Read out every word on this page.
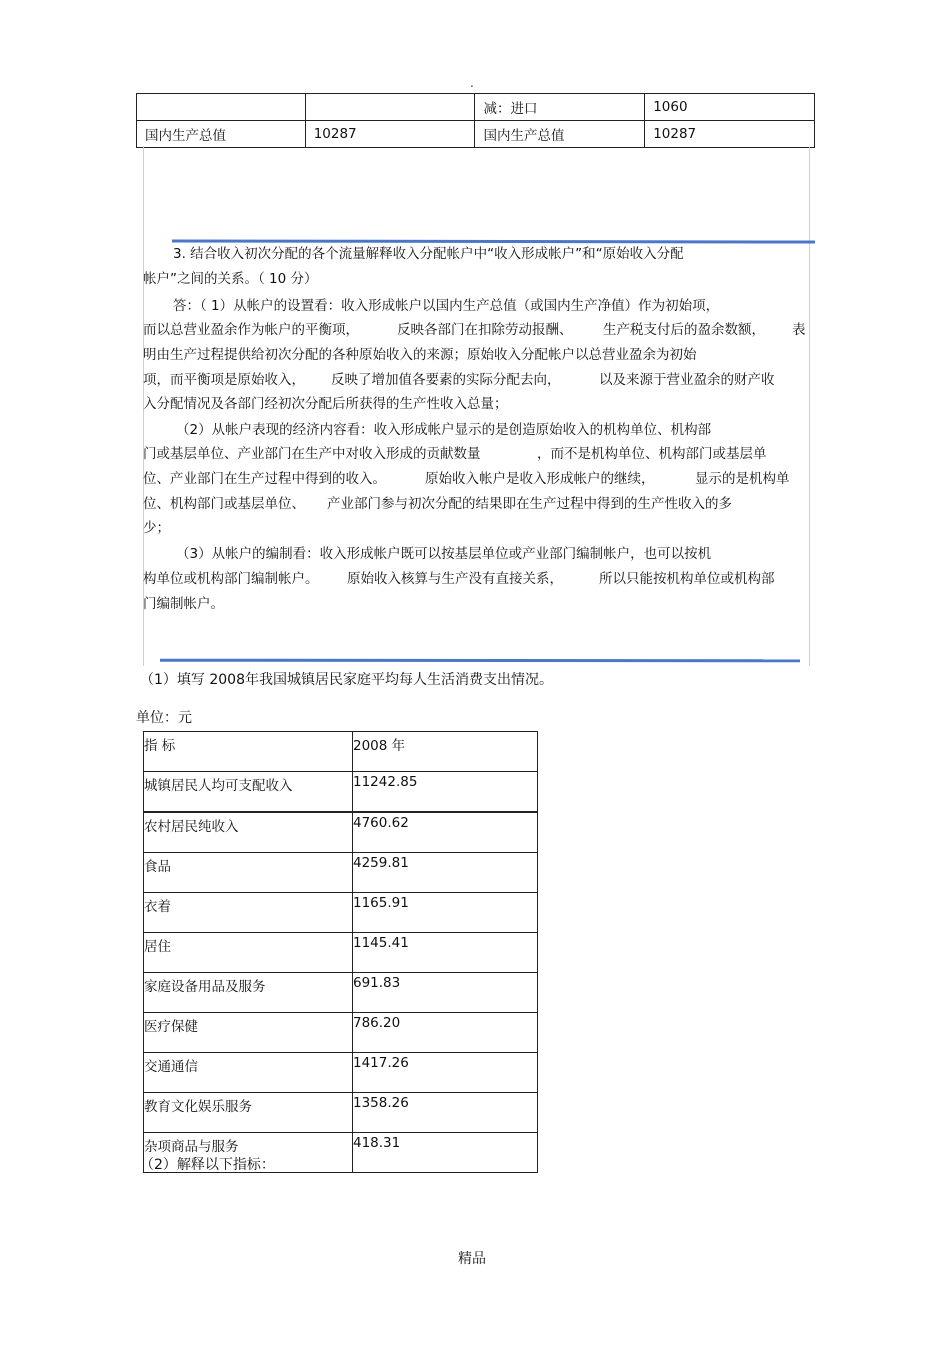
.
		减：进口	1060
国内生产总值	10287	国内生产总值	10287
3. 结合收入初次分配的各个流量解释收入分配帐户中“收入形成帐户”和“原始收入分配
帐户”之间的关系。（ 10 分）
答：（ 1）从帐户的设置看：收入形成帐户以国内生产总值（或国内生产净值）作为初始项，
而以总营业盈余作为帐户的平衡项，	反映各部门在扣除劳动报酬、 生产税支付后的盈余数额， 表
明由生产过程提供给初次分配的各种原始收入的来源；原始收入分配帐户以总营业盈余为初始
项，而平衡项是原始收入， 反映了增加值各要素的实际分配去向，	以及来源于营业盈余的财产收
入分配情况及各部门经初次分配后所获得的生产性收入总量；
（2）从帐户表现的经济内容看：收入形成帐户显示的是创造原始收入的机构单位、机构部
门或基层单位、产业部门在生产中对收入形成的贡献数量	，而不是机构单位、机构部门或基层单
位、产业部门在生产过程中得到的收入。	原始收入帐户是收入形成帐户的继续，	显示的是机构单
位、机构部门或基层单位、 产业部门参与初次分配的结果即在生产过程中得到的生产性收入的多
少；
（3）从帐户的编制看：收入形成帐户既可以按基层单位或产业部门编制帐户，也可以按机
构单位或机构部门编制帐户。 原始收入核算与生产没有直接关系，	所以只能按机构单位或机构部
门编制帐户。
（1）填写 2008年我国城镇居民家庭平均每人生活消费支出情况。
单位：元
指 标	2008 年
城镇居民人均可支配收入	11242.85
农村居民纯收入	4760.62
食品	4259.81
衣着	1165.91
居住	1145.41
家庭设备用品及服务	691.83
医疗保健	786.20
交通通信	1417.26
教育文化娱乐服务	1358.26
杂项商品与服务	418.31
（2）解释以下指标：
精品
